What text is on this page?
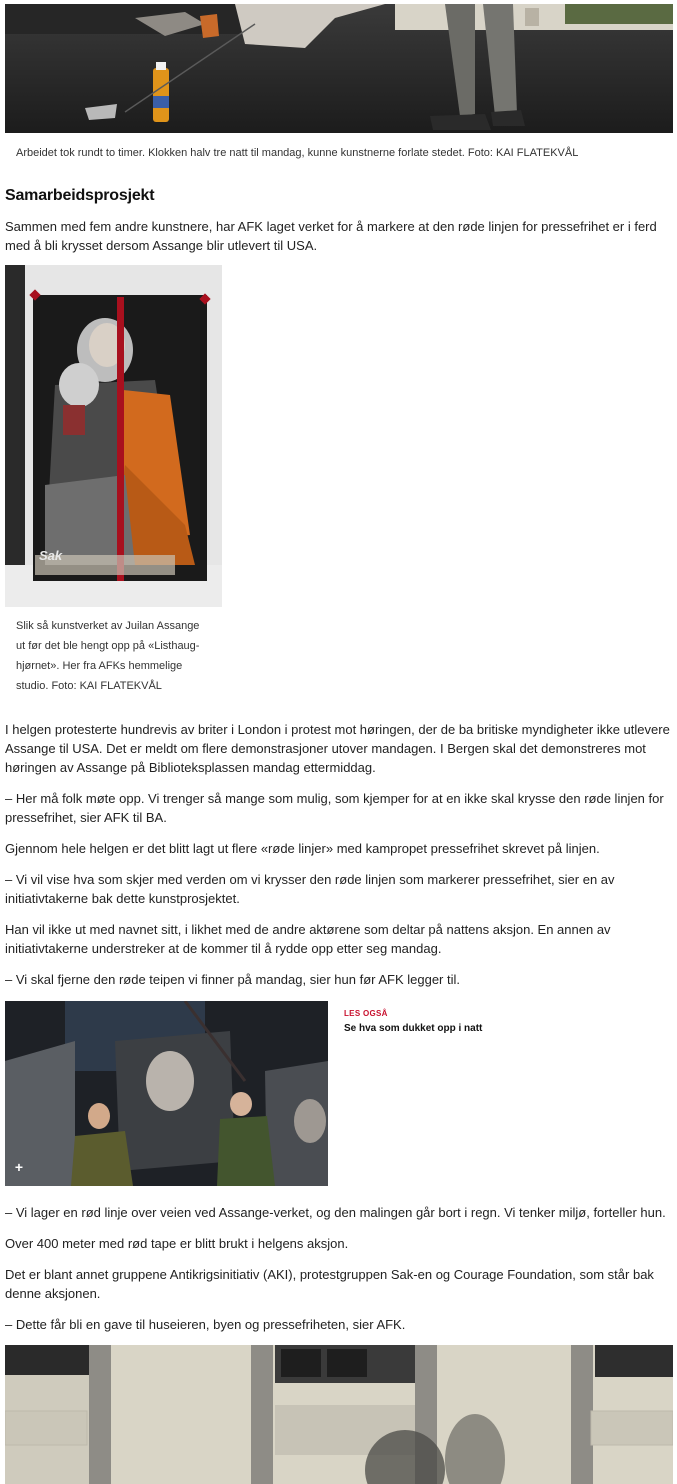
Arbeidet tok rundt to timer. Klokken halv tre natt til mandag, kunne kunstnerne forlate stedet. Foto: KAI FLATEKVÅL
Samarbeidsprosjekt

Sammen med fem andre kunstnere, har AFK laget verket for å markere at den røde linjen for pressefrihet er i ferd med å bli krysset dersom Assange blir utlevert til USA.

Sak
Slik så kunstverket av Juilan Assange
ut før det ble hengt opp på «Listhaug-
hjørnet». Her fra AFKs hemmelige
studio. Foto: KAI FLATEKVÅL

I helgen protesterte hundrevis av briter i London i protest mot høringen, der de ba britiske myndigheter ikke utlevere Assange til USA. Det er meldt om flere demonstrasjoner utover mandagen. I Bergen skal det demonstreres mot høringen av Assange på Biblioteksplassen mandag ettermiddag.

– Her må folk møte opp. Vi trenger så mange som mulig, som kjemper for at en ikke skal krysse den røde linjen for pressefrihet, sier AFK til BA.

Gjennom hele helgen er det blitt lagt ut flere «røde linjer» med kampropet pressefrihet skrevet på linjen.

– Vi vil vise hva som skjer med verden om vi krysser den røde linjen som markerer pressefrihet, sier en av initiativtakerne bak dette kunstprosjektet.

Han vil ikke ut med navnet sitt, i likhet med de andre aktørene som deltar på nattens aksjon. En annen av initiativtakerne understreker at de kommer til å rydde opp etter seg mandag.

– Vi skal fjerne den røde teipen vi finner på mandag, sier hun før AFK legger til.

+
LES OGSÅ
Se hva som dukket opp i natt

– Vi lager en rød linje over veien ved Assange-verket, og den malingen går bort i regn. Vi tenker miljø, forteller hun.

Over 400 meter med rød tape er blitt brukt i helgens aksjon.

Det er blant annet gruppene Antikrigsinitiativ (AKI), protestgruppen Sak-en og Courage Foundation, som står bak denne aksjonen.

– Dette får bli en gave til huseieren, byen og pressefriheten, sier AFK.
